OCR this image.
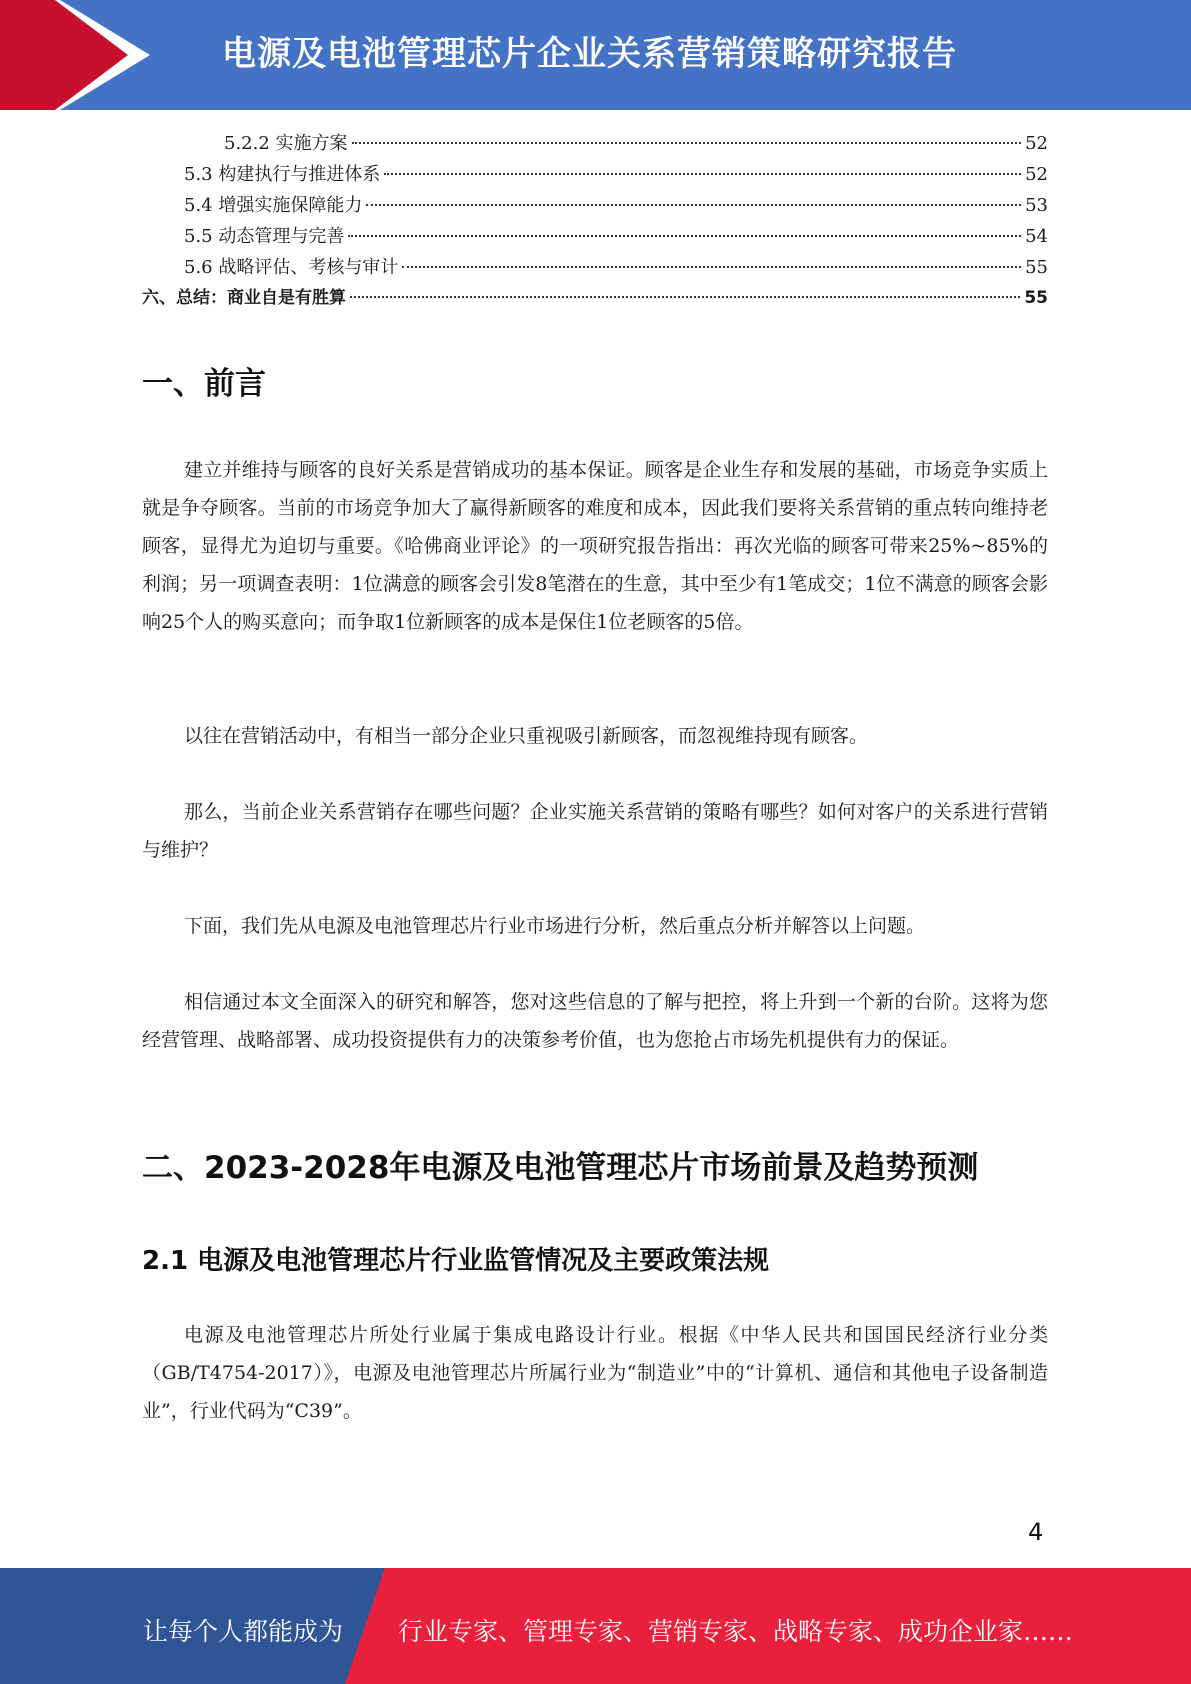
电源及电池管理芯片企业关系营销策略研究报告
5.2.2 实施方案	52
5.3 构建执行与推进体系	52
5.4 增强实施保障能力	53
5.5 动态管理与完善	54
5.6 战略评估、考核与审计	55
六、总结：商业自是有胜算	55
一、前言
建立并维持与顾客的良好关系是营销成功的基本保证。顾客是企业生存和发展的基础，市场竞争实质上就是争夺顾客。当前的市场竞争加大了赢得新顾客的难度和成本，因此我们要将关系营销的重点转向维持老顾客，显得尤为迫切与重要。《哈佛商业评论》的一项研究报告指出：再次光临的顾客可带来25%~85%的利润；另一项调查表明：1位满意的顾客会引发8笔潜在的生意，其中至少有1笔成交；1位不满意的顾客会影响25个人的购买意向；而争取1位新顾客的成本是保住1位老顾客的5倍。
以往在营销活动中，有相当一部分企业只重视吸引新顾客，而忽视维持现有顾客。
那么，当前企业关系营销存在哪些问题？企业实施关系营销的策略有哪些？如何对客户的关系进行营销与维护？
下面，我们先从电源及电池管理芯片行业市场进行分析，然后重点分析并解答以上问题。
相信通过本文全面深入的研究和解答，您对这些信息的了解与把控，将上升到一个新的台阶。这将为您经营管理、战略部署、成功投资提供有力的决策参考价值，也为您抢占市场先机提供有力的保证。
二、2023-2028年电源及电池管理芯片市场前景及趋势预测
2.1 电源及电池管理芯片行业监管情况及主要政策法规
电源及电池管理芯片所处行业属于集成电路设计行业。根据《中华人民共和国国民经济行业分类（GB/T4754-2017）》，电源及电池管理芯片所属行业为“制造业”中的“计算机、通信和其他电子设备制造业”，行业代码为“C39”。
4
让每个人都能成为 行业专家、管理专家、营销专家、战略专家、成功企业家……
